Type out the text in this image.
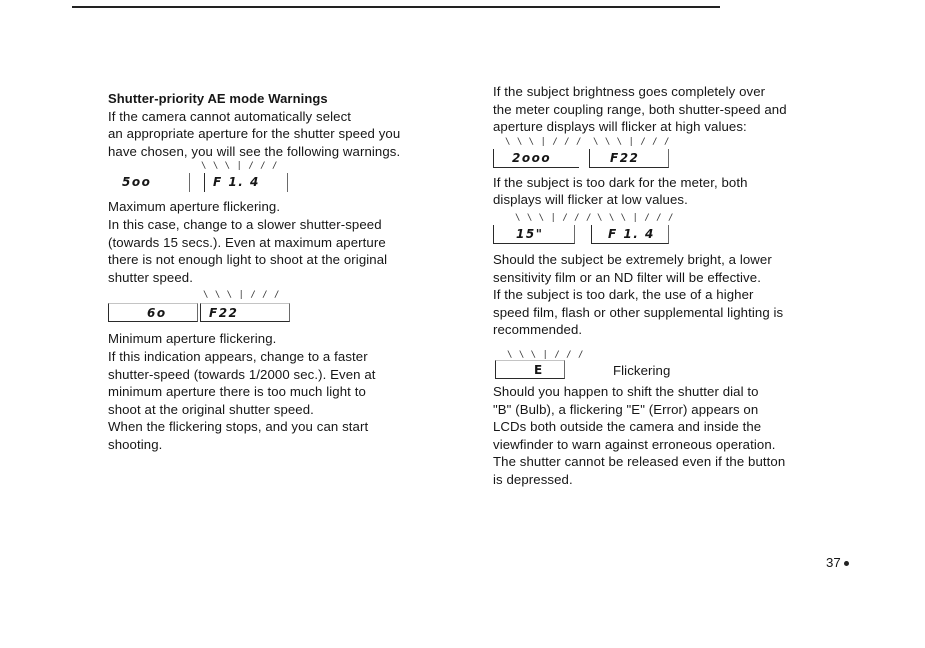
Shutter-priority AE mode Warnings

If the camera cannot automatically select

an appropriate aperture for the shutter speed you

have chosen, you will see the following warnings.

\ \ \ | / / /
5oo	F 1. 4

Maximum aperture flickering.

In this case, change to a slower shutter-speed

(towards 15 secs.). Even at maximum aperture

there is not enough light to shoot at the original

shutter speed.

\ \ \ | / / /
6o	F22

Minimum aperture flickering.

If this indication appears, change to a faster

shutter-speed (towards 1/2000 sec.). Even at

minimum aperture there is too much light to

shoot at the original shutter speed.

When the flickering stops, and you can start

shooting.

If the subject brightness goes completely over

the meter coupling range, both shutter-speed and

aperture displays will flicker at high values:

\ \ \ | / / / \ \ \ | / / /
2ooo	F22

If the subject is too dark for the meter, both

displays will flicker at low values.

\ \ \ | / / / \ \ \ | / / /
15"	F 1. 4

Should the subject be extremely bright, a lower

sensitivity film or an ND filter will be effective.

If the subject is too dark, the use of a higher

speed film, flash or other supplemental lighting is

recommended.

\ \ \ | / / /
E	Flickering

Should you happen to shift the shutter dial to

"B" (Bulb), a flickering "E" (Error) appears on

LCDs both outside the camera and inside the

viewfinder to warn against erroneous operation.

The shutter cannot be released even if the button

is depressed.

37
